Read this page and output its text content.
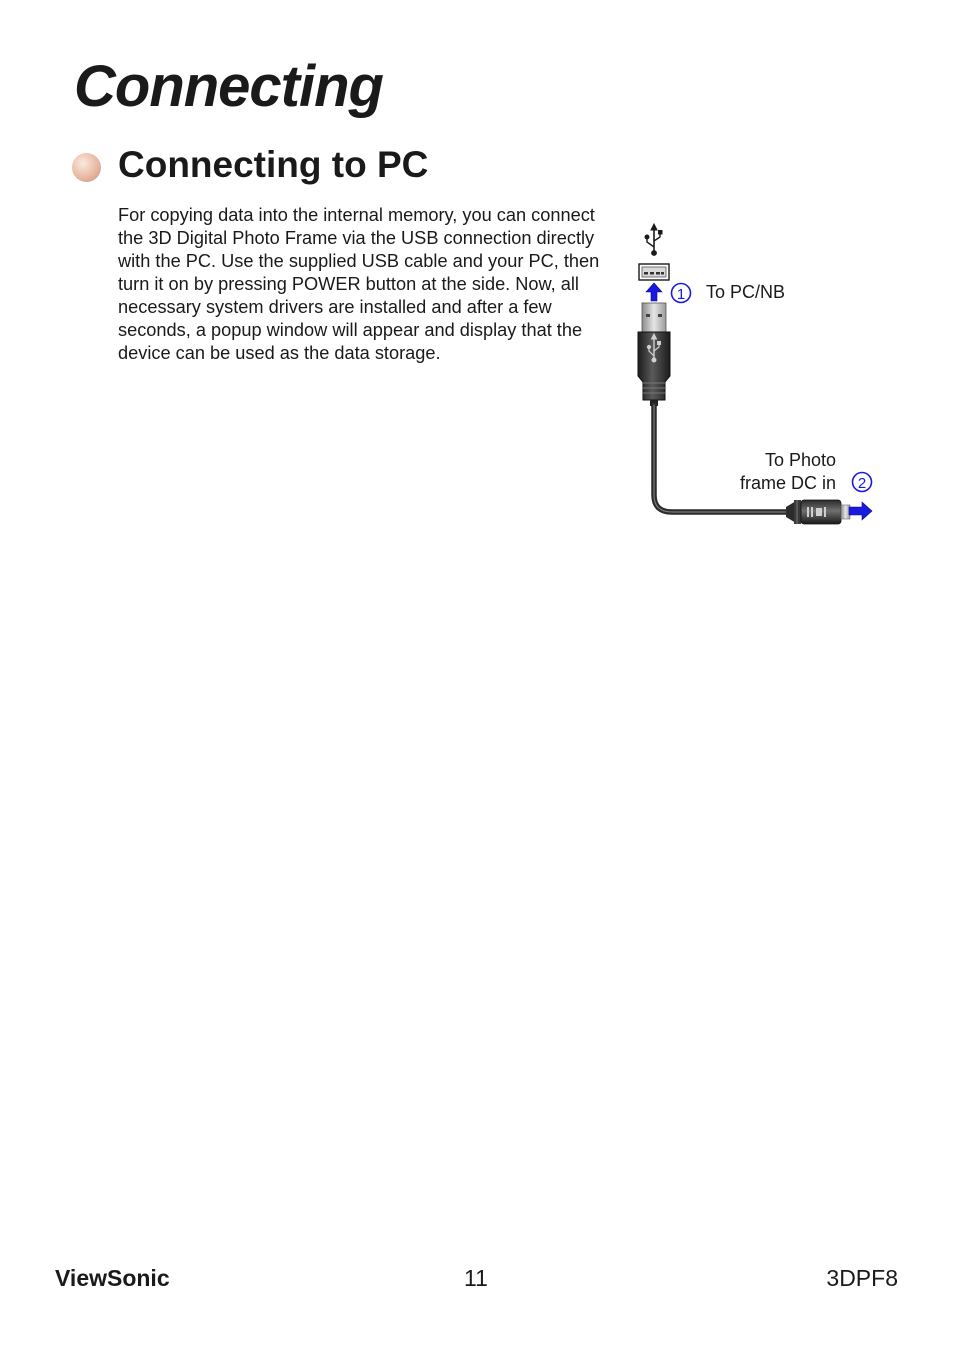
Connecting
Connecting to PC

For copying data into the internal memory, you can connect the 3D Digital Photo Frame via the USB connection directly with the PC. Use the supplied USB cable and your PC, then turn it on by pressing POWER button at the side. Now, all necessary system drivers are installed and after a few seconds, a popup window will appear and display that the device can be used as the data storage.

1
2
To PC/NB
To Photo
frame DC in
ViewSonic	11	3DPF8
